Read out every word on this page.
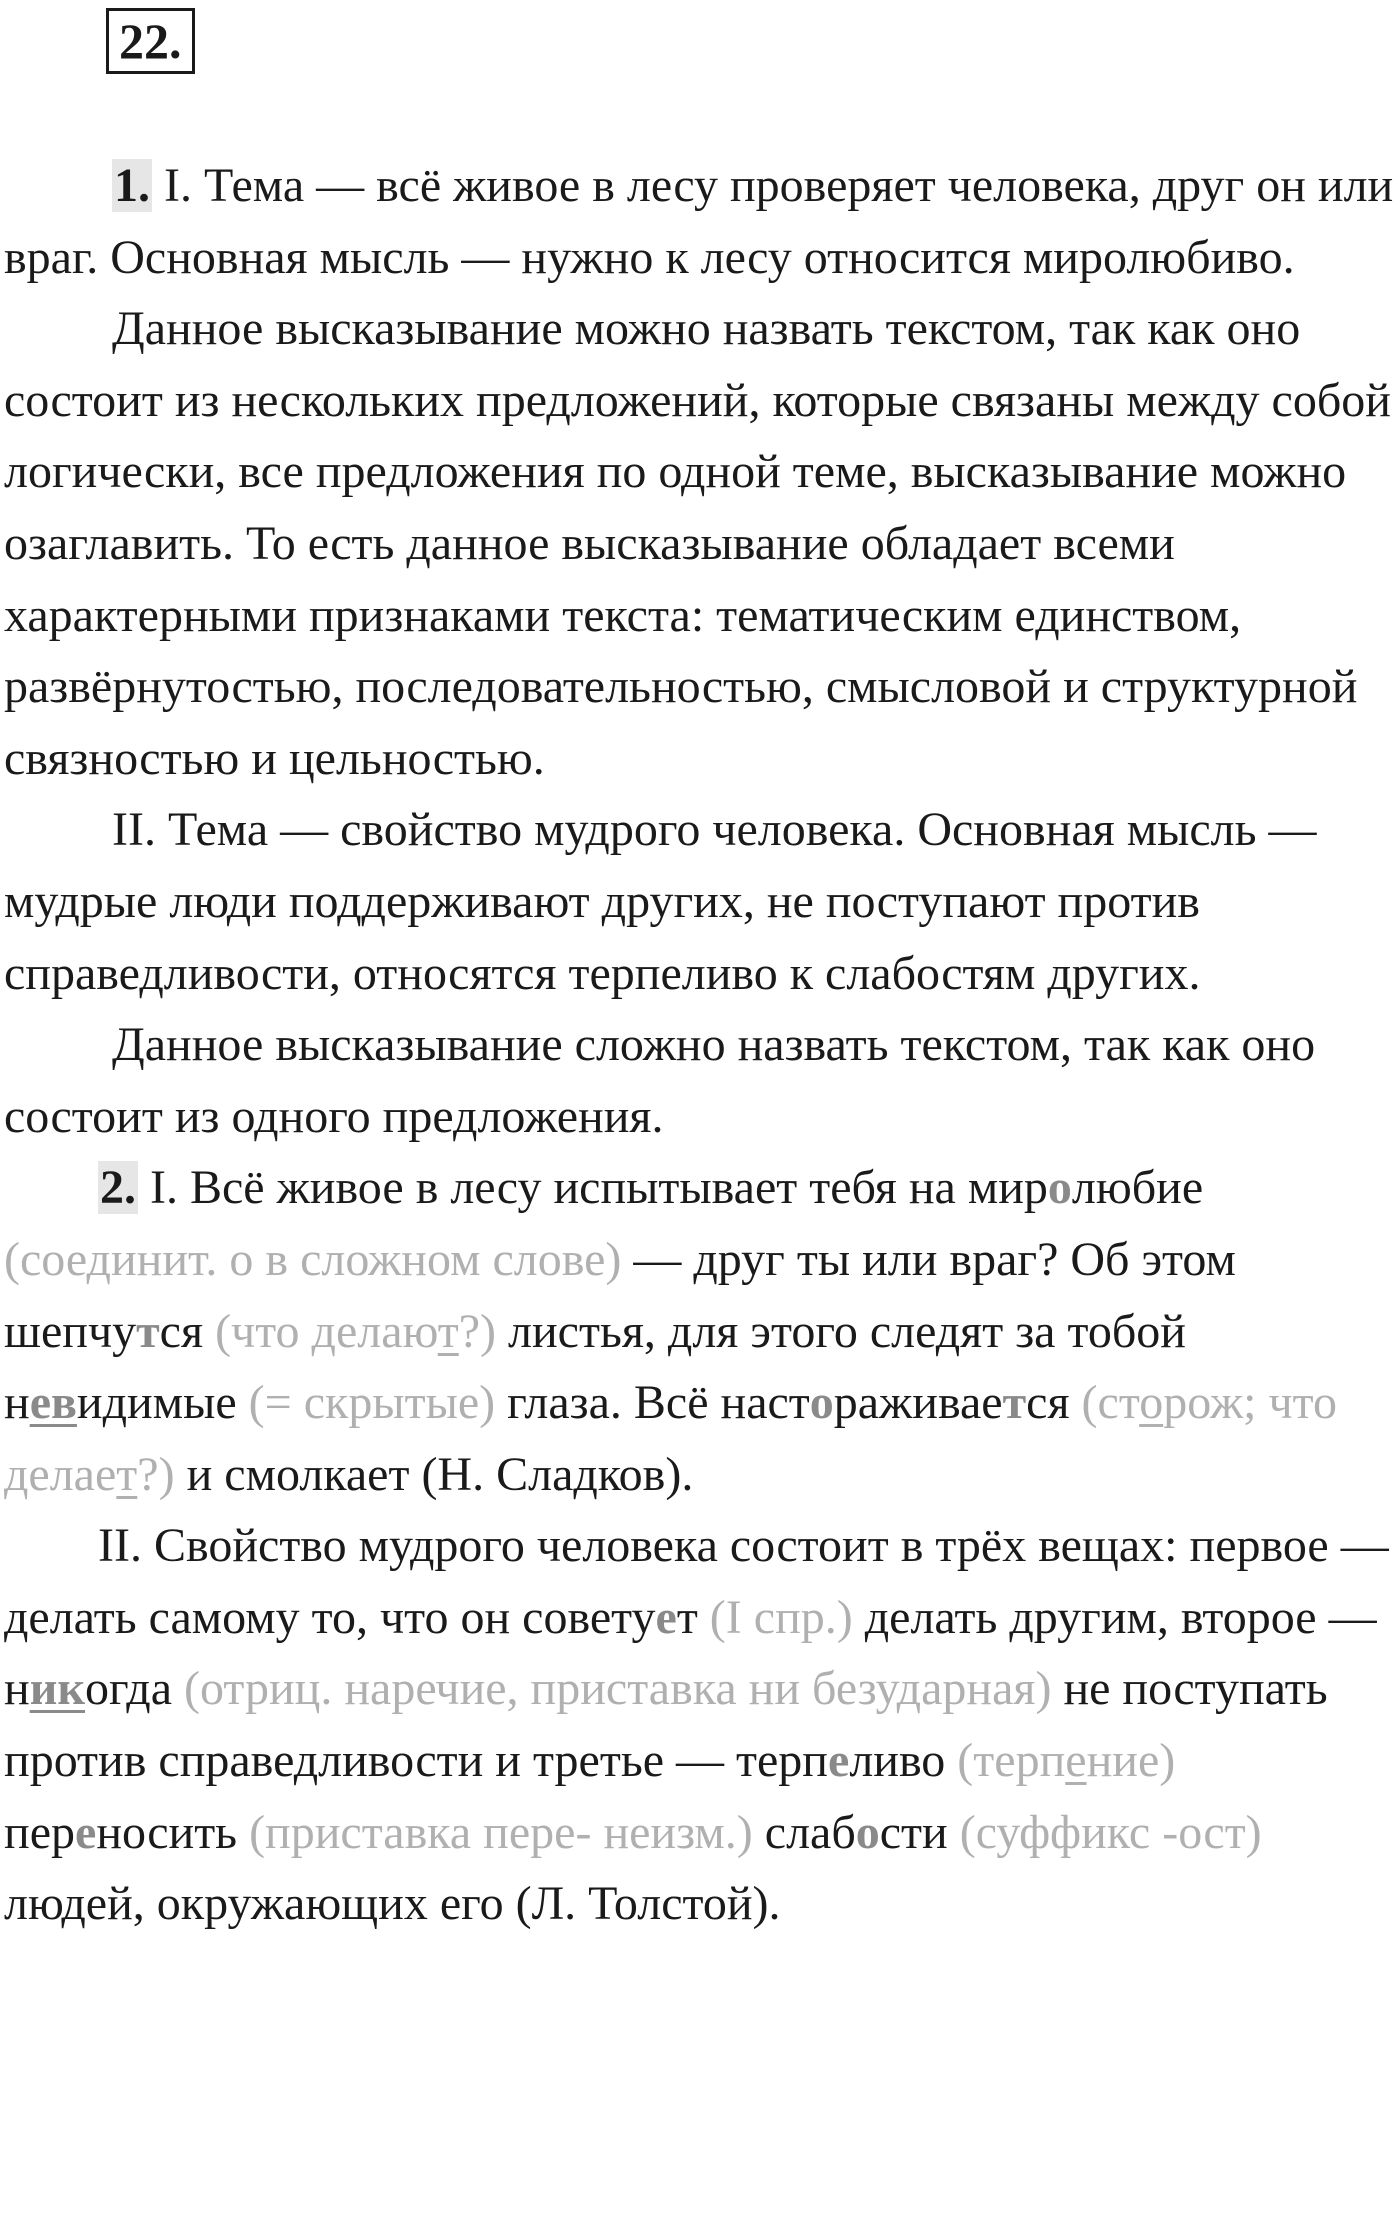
22.

1. I. Тема — всё живое в лесу проверяет человека, друг он или враг. Основная мысль — нужно к лесу относится миролюбиво.

Данное высказывание можно назвать текстом, так как оно состоит из нескольких предложений, которые связаны между собой логически, все предложения по одной теме, высказывание можно озаглавить. То есть данное высказывание обладает всеми характерными признаками текста: тематическим единством, развёрнутостью, последовательностью, смысловой и структурной связностью и цельностью.

II. Тема — свойство мудрого человека. Основная мысль — мудрые люди поддерживают других, не поступают против справедливости, относятся терпеливо к слабостям других.

Данное высказывание сложно назвать текстом, так как оно состоит из одного предложения.

2. I. Всё живое в лесу испытывает тебя на миролюбие (соединит. о в сложном слове) — друг ты или враг? Об этом шепчутся (что делают?) листья, для этого следят за тобой невидимые (= скрытые) глаза. Всё настораживается (сторож; что делает?) и смолкает (Н. Сладков).

II. Свойство мудрого человека состоит в трёх вещах: первое — делать самому то, что он советует (I спр.) делать другим, второе — никогда (отриц. наречие, приставка ни безударная) не поступать против справедливости и третье — терпеливо (терпение) переносить (приставка пере- неизм.) слабости (суффикс -ост) людей, окружающих его (Л. Толстой).
